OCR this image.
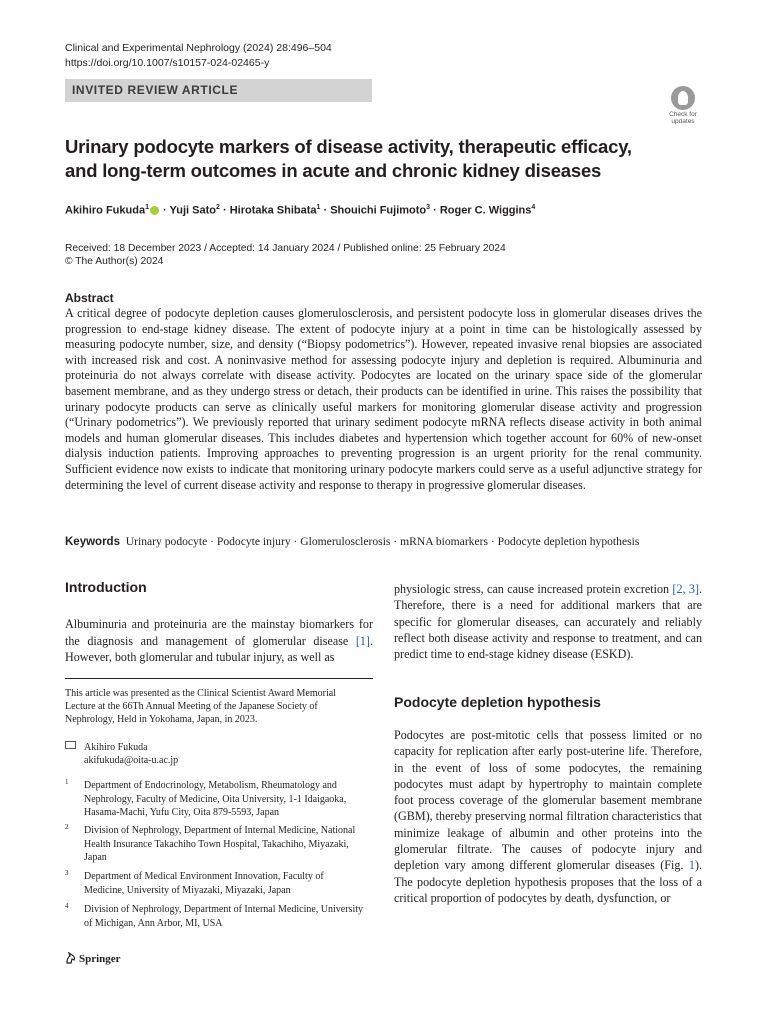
Clinical and Experimental Nephrology (2024) 28:496–504
https://doi.org/10.1007/s10157-024-02465-y
INVITED REVIEW ARTICLE
Check for
updates
Urinary podocyte markers of disease activity, therapeutic efficacy,
and long-term outcomes in acute and chronic kidney diseases
Akihiro Fukuda$^1$ · Yuji Sato$^2$ · Hirotaka Shibata$^1$ · Shouichi Fujimoto$^3$ · Roger C. Wiggins$^4$
Received: 18 December 2023 / Accepted: 14 January 2024 / Published online: 25 February 2024
© The Author(s) 2024
Abstract
A critical degree of podocyte depletion causes glomerulosclerosis, and persistent podocyte loss in glomerular diseases drives the progression to end-stage kidney disease. The extent of podocyte injury at a point in time can be histologically assessed by measuring podocyte number, size, and density (“Biopsy podometrics”). However, repeated invasive renal biopsies are associated with increased risk and cost. A noninvasive method for assessing podocyte injury and depletion is required. Albuminuria and proteinuria do not always correlate with disease activity. Podocytes are located on the urinary space side of the glomerular basement membrane, and as they undergo stress or detach, their products can be identified in urine. This raises the possibility that urinary podocyte products can serve as clinically useful markers for monitoring glomerular disease activity and progression (“Urinary podometrics”). We previously reported that urinary sediment podocyte mRNA reflects disease activity in both animal models and human glomerular diseases. This includes diabetes and hypertension which together account for 60% of new-onset dialysis induction patients. Improving approaches to preventing progression is an urgent priority for the renal community. Sufficient evidence now exists to indicate that monitoring urinary podocyte markers could serve as a useful adjunctive strategy for determining the level of current disease activity and response to therapy in progressive glomerular diseases.
Keywords Urinary podocyte · Podocyte injury · Glomerulosclerosis · mRNA biomarkers · Podocyte depletion hypothesis
Introduction
Albuminuria and proteinuria are the mainstay biomarkers for the diagnosis and management of glomerular disease [1]. However, both glomerular and tubular injury, as well as
This article was presented as the Clinical Scientist Award Memorial Lecture at the 66Th Annual Meeting of the Japanese Society of Nephrology, Held in Yokohama, Japan, in 2023.
Akihiro Fukuda
akifukuda@oita-u.ac.jp
1 Department of Endocrinology, Metabolism, Rheumatology and Nephrology, Faculty of Medicine, Oita University, 1-1 Idaigaoka, Hasama-Machi, Yufu City, Oita 879-5593, Japan
2 Division of Nephrology, Department of Internal Medicine, National Health Insurance Takachiho Town Hospital, Takachiho, Miyazaki, Japan
3 Department of Medical Environment Innovation, Faculty of Medicine, University of Miyazaki, Miyazaki, Japan
4 Division of Nephrology, Department of Internal Medicine, University of Michigan, Ann Arbor, MI, USA
physiologic stress, can cause increased protein excretion [2, 3]. Therefore, there is a need for additional markers that are specific for glomerular diseases, can accurately and reliably reflect both disease activity and response to treatment, and can predict time to end-stage kidney disease (ESKD).
Podocyte depletion hypothesis
Podocytes are post-mitotic cells that possess limited or no capacity for replication after early post-uterine life. Therefore, in the event of loss of some podocytes, the remaining podocytes must adapt by hypertrophy to maintain complete foot process coverage of the glomerular basement membrane (GBM), thereby preserving normal filtration characteristics that minimize leakage of albumin and other proteins into the glomerular filtrate. The causes of podocyte injury and depletion vary among different glomerular diseases (Fig. 1). The podocyte depletion hypothesis proposes that the loss of a critical proportion of podocytes by death, dysfunction, or
Springer
